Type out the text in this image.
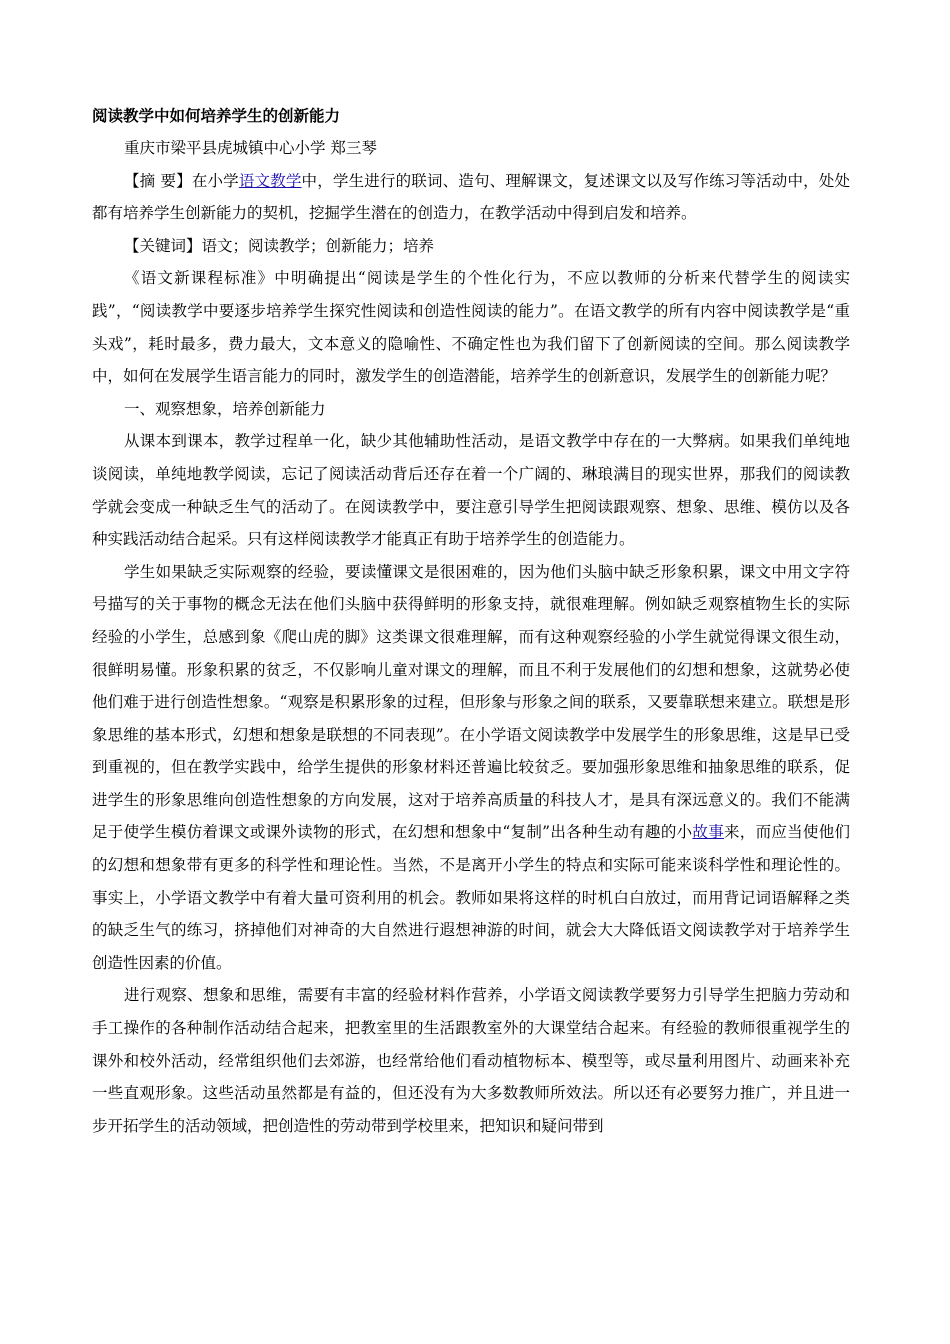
阅读教学中如何培养学生的创新能力

重庆市梁平县虎城镇中心小学 郑三琴

【摘 要】在小学语文教学中，学生进行的联词、造句、理解课文，复述课文以及写作练习等活动中，处处都有培养学生创新能力的契机，挖掘学生潜在的创造力，在教学活动中得到启发和培养。

【关键词】语文；阅读教学；创新能力；培养

《语文新课程标准》中明确提出“阅读是学生的个性化行为，不应以教师的分析来代替学生的阅读实践”，“阅读教学中要逐步培养学生探究性阅读和创造性阅读的能力”。在语文教学的所有内容中阅读教学是“重头戏”，耗时最多，费力最大，文本意义的隐喻性、不确定性也为我们留下了创新阅读的空间。那么阅读教学中，如何在发展学生语言能力的同时，激发学生的创造潜能，培养学生的创新意识，发展学生的创新能力呢？

一、观察想象，培养创新能力

从课本到课本，教学过程单一化，缺少其他辅助性活动，是语文教学中存在的一大弊病。如果我们单纯地谈阅读，单纯地教学阅读，忘记了阅读活动背后还存在着一个广阔的、琳琅满目的现实世界，那我们的阅读教学就会变成一种缺乏生气的活动了。在阅读教学中，要注意引导学生把阅读跟观察、想象、思维、模仿以及各种实践活动结合起采。只有这样阅读教学才能真正有助于培养学生的创造能力。

学生如果缺乏实际观察的经验，要读懂课文是很困难的，因为他们头脑中缺乏形象积累，课文中用文字符号描写的关于事物的概念无法在他们头脑中获得鲜明的形象支持，就很难理解。例如缺乏观察植物生长的实际经验的小学生，总感到象《爬山虎的脚》这类课文很难理解，而有这种观察经验的小学生就觉得课文很生动，很鲜明易懂。形象积累的贫乏，不仅影响儿童对课文的理解，而且不利于发展他们的幻想和想象，这就势必使他们难于进行创造性想象。“观察是积累形象的过程，但形象与形象之间的联系，又要靠联想来建立。联想是形象思维的基本形式，幻想和想象是联想的不同表现”。在小学语文阅读教学中发展学生的形象思维，这是早已受到重视的，但在教学实践中，给学生提供的形象材料还普遍比较贫乏。要加强形象思维和抽象思维的联系，促进学生的形象思维向创造性想象的方向发展，这对于培养高质量的科技人才，是具有深远意义的。我们不能满足于使学生模仿着课文或课外读物的形式，在幻想和想象中“复制”出各种生动有趣的小故事来，而应当使他们的幻想和想象带有更多的科学性和理论性。当然，不是离开小学生的特点和实际可能来谈科学性和理论性的。事实上，小学语文教学中有着大量可资利用的机会。教师如果将这样的时机白白放过，而用背记词语解释之类的缺乏生气的练习，挤掉他们对神奇的大自然进行遐想神游的时间，就会大大降低语文阅读教学对于培养学生创造性因素的价值。

进行观察、想象和思维，需要有丰富的经验材料作营养，小学语文阅读教学要努力引导学生把脑力劳动和手工操作的各种制作活动结合起来，把教室里的生活跟教室外的大课堂结合起来。有经验的教师很重视学生的课外和校外活动，经常组织他们去郊游，也经常给他们看动植物标本、模型等，或尽量利用图片、动画来补充一些直观形象。这些活动虽然都是有益的，但还没有为大多数教师所效法。所以还有必要努力推广，并且进一步开拓学生的活动领域，把创造性的劳动带到学校里来，把知识和疑问带到
